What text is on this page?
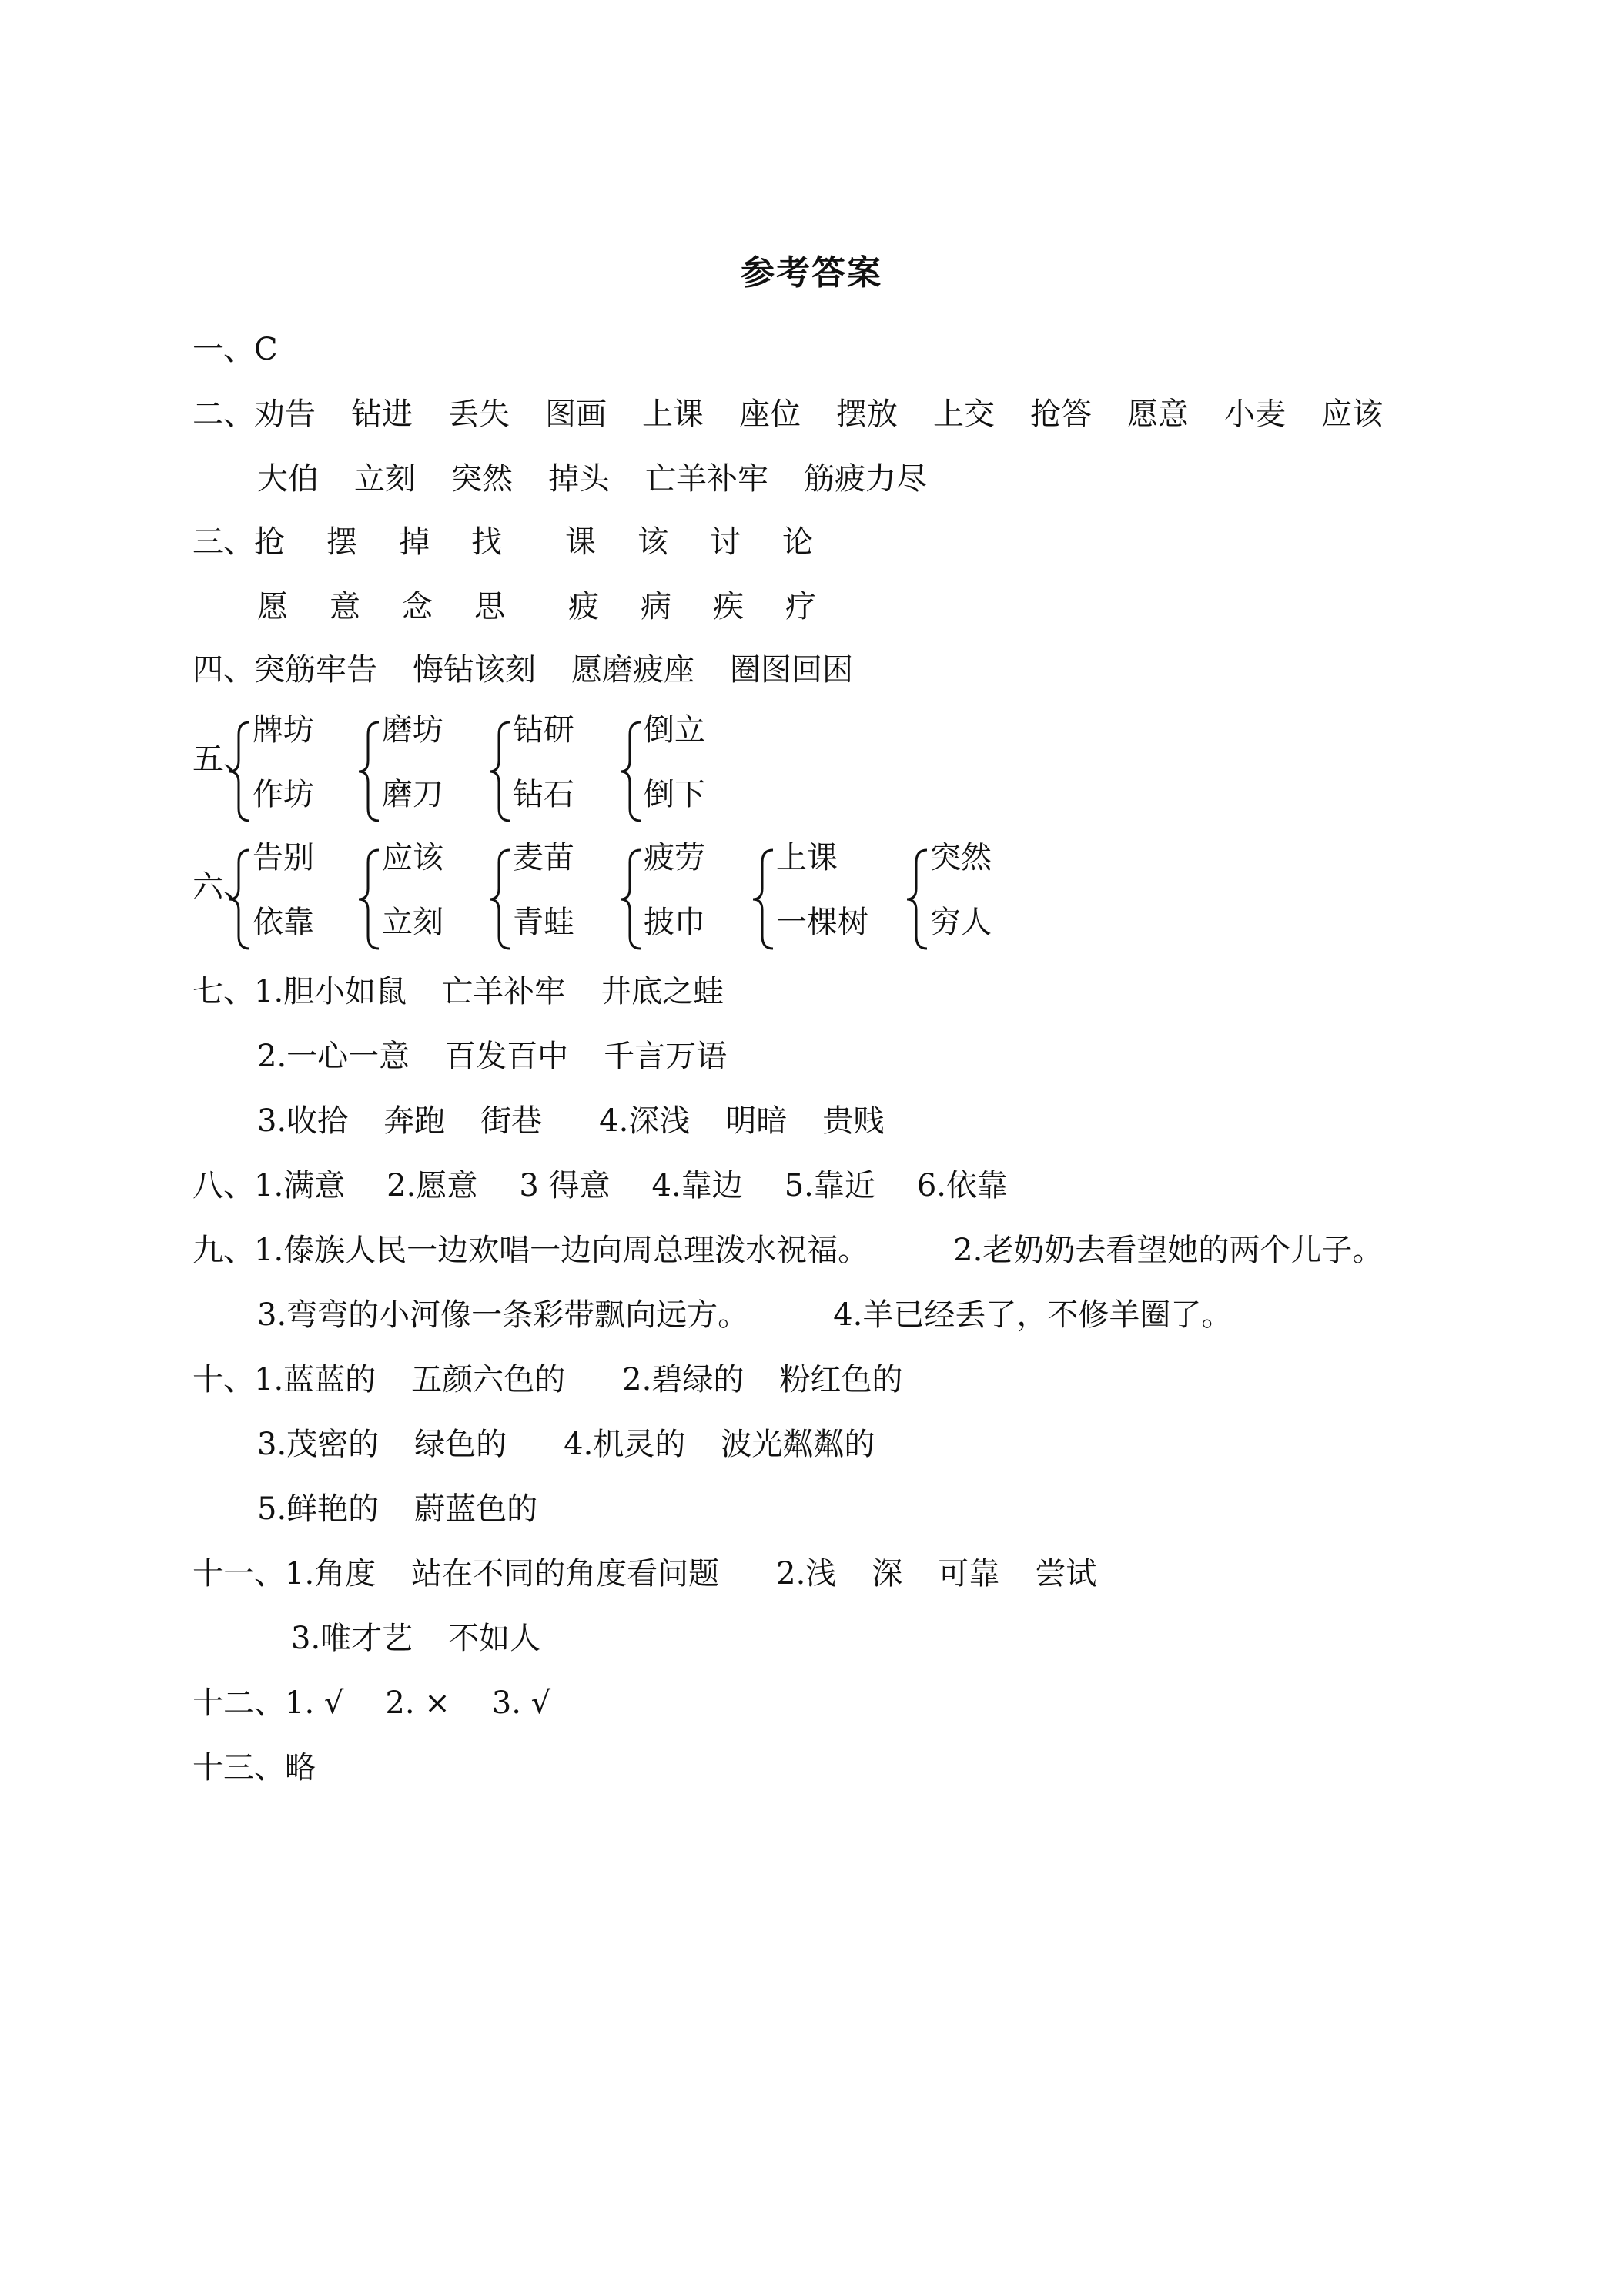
参考答案
一、C
二、劝告 钻进 丢失 图画 上课 座位 摆放 上交 抢答 愿意 小麦 应该
大伯 立刻 突然 掉头 亡羊补牢 筋疲力尽
三、抢 摆 掉 找 课 该 讨 论
愿 意 念 思 疲 病 疾 疗
四、突筋牢告 悔钻该刻 愿磨疲座 圈图回困
五、
牌坊
作坊
磨坊
磨刀
钻研
钻石
倒立
倒下
六、
告别
依靠
应该
立刻
麦苗
青蛙
疲劳
披巾
上课
一棵树
突然
穷人
七、1.胆小如鼠 亡羊补牢 井底之蛙
2.一心一意 百发百中 千言万语
3.收拾 奔跑 街巷 4.深浅 明暗 贵贱
八、1.满意 2.愿意 3 得意 4.靠边 5.靠近 6.依靠
九、1.傣族人民一边欢唱一边向周总理泼水祝福。	2.老奶奶去看望她的两个儿子。
3.弯弯的小河像一条彩带飘向远方。	4.羊已经丢了，不修羊圈了。
十、1.蓝蓝的 五颜六色的 2.碧绿的 粉红色的
3.茂密的 绿色的 4.机灵的 波光粼粼的
5.鲜艳的 蔚蓝色的
十一、1.角度 站在不同的角度看问题 2.浅 深 可靠 尝试
3.唯才艺 不如人
十二、1. √ 2. × 3. √
十三、略
